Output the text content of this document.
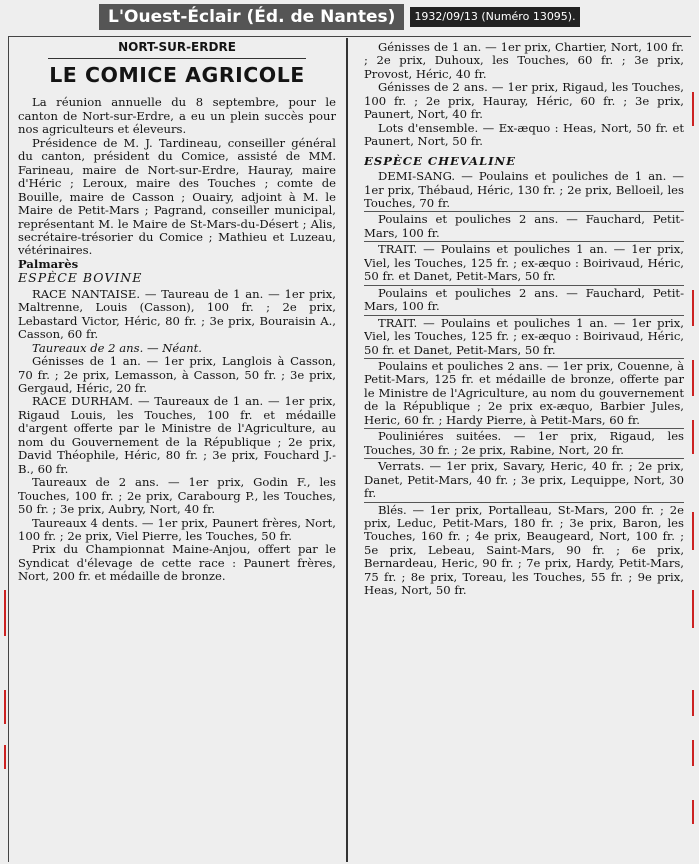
L'Ouest-Éclair (Éd. de Nantes)	1932/09/13 (Numéro 13095).
NORT-SUR-ERDRE
LE COMICE AGRICOLE

La réunion annuelle du 8 septembre, pour le canton de Nort-sur-Erdre, a eu un plein succès pour nos agriculteurs et éleveurs.

Présidence de M. J. Tardineau, conseiller général du canton, président du Comice, assisté de MM. Farineau, maire de Nort-sur-Erdre, Hauray, maire d'Héric ; Leroux, maire des Touches ; comte de Bouille, maire de Casson ; Ouairy, adjoint à M. le Maire de Petit-Mars ; Pagrand, conseiller municipal, représentant M. le Maire de St-Mars-du-Désert ; Alis, secrétaire-trésorier du Comice ; Mathieu et Luzeau, vétérinaires.

Palmarès

ESPÈCE BOVINE

RACE NANTAISE. — Taureau de 1 an. — 1er prix, Maltrenne, Louis (Casson), 100 fr. ; 2e prix, Lebastard Victor, Héric, 80 fr. ; 3e prix, Bouraisin A., Casson, 60 fr.

Taureaux de 2 ans. — Néant.

Génisses de 1 an. — 1er prix, Langlois à Casson, 70 fr. ; 2e prix, Lemasson, à Casson, 50 fr. ; 3e prix, Gergaud, Héric, 20 fr.

RACE DURHAM. — Taureaux de 1 an. — 1er prix, Rigaud Louis, les Touches, 100 fr. et médaille d'argent offerte par le Ministre de l'Agriculture, au nom du Gouvernement de la République ; 2e prix, David Théophile, Héric, 80 fr. ; 3e prix, Fouchard J.-B., 60 fr.

Taureaux de 2 ans. — 1er prix, Godin F., les Touches, 100 fr. ; 2e prix, Carabourg P., les Touches, 50 fr. ; 3e prix, Aubry, Nort, 40 fr.

Taureaux 4 dents. — 1er prix, Paunert frères, Nort, 100 fr. ; 2e prix, Viel Pierre, les Touches, 50 fr.

Prix du Championnat Maine-Anjou, offert par le Syndicat d'élevage de cette race : Paunert frères, Nort, 200 fr. et médaille de bronze.

Génisses de 1 an. — 1er prix, Chartier, Nort, 100 fr. ; 2e prix, Duhoux, les Touches, 60 fr. ; 3e prix, Provost, Héric, 40 fr.

Génisses de 2 ans. — 1er prix, Rigaud, les Touches, 100 fr. ; 2e prix, Hauray, Héric, 60 fr. ; 3e prix, Paunert, Nort, 40 fr.

Lots d'ensemble. — Ex-æquo : Heas, Nort, 50 fr. et Paunert, Nort, 50 fr.

ESPÈCE CHEVALINE

DEMI-SANG. — Poulains et pouliches de 1 an. — 1er prix, Thébaud, Héric, 130 fr. ; 2e prix, Belloeil, les Touches, 70 fr.

Poulains et pouliches 2 ans. — Fauchard, Petit-Mars, 100 fr.

TRAIT. — Poulains et pouliches 1 an. — 1er prix, Viel, les Touches, 125 fr. ; ex-æquo : Boirivaud, Héric, 50 fr. et Danet, Petit-Mars, 50 fr.

Poulains et pouliches 2 ans. — Fauchard, Petit-Mars, 100 fr.

TRAIT. — Poulains et pouliches 1 an. — 1er prix, Viel, les Touches, 125 fr. ; ex-æquo : Boirivaud, Héric, 50 fr. et Danet, Petit-Mars, 50 fr.

Poulains et pouliches 2 ans. — 1er prix, Couenne, à Petit-Mars, 125 fr. et médaille de bronze, offerte par le Ministre de l'Agriculture, au nom du gouvernement de la République ; 2e prix ex-æquo, Barbier Jules, Heric, 60 fr. ; Hardy Pierre, à Petit-Mars, 60 fr.

Pouliniéres suitées. — 1er prix, Rigaud, les Touches, 30 fr. ; 2e prix, Rabine, Nort, 20 fr.

Verrats. — 1er prix, Savary, Heric, 40 fr. ; 2e prix, Danet, Petit-Mars, 40 fr. ; 3e prix, Lequippe, Nort, 30 fr.

Blés. — 1er prix, Portalleau, St-Mars, 200 fr. ; 2e prix, Leduc, Petit-Mars, 180 fr. ; 3e prix, Baron, les Touches, 160 fr. ; 4e prix, Beaugeard, Nort, 100 fr. ; 5e prix, Lebeau, Saint-Mars, 90 fr. ; 6e prix, Bernardeau, Heric, 90 fr. ; 7e prix, Hardy, Petit-Mars, 75 fr. ; 8e prix, Toreau, les Touches, 55 fr. ; 9e prix, Heas, Nort, 50 fr.
